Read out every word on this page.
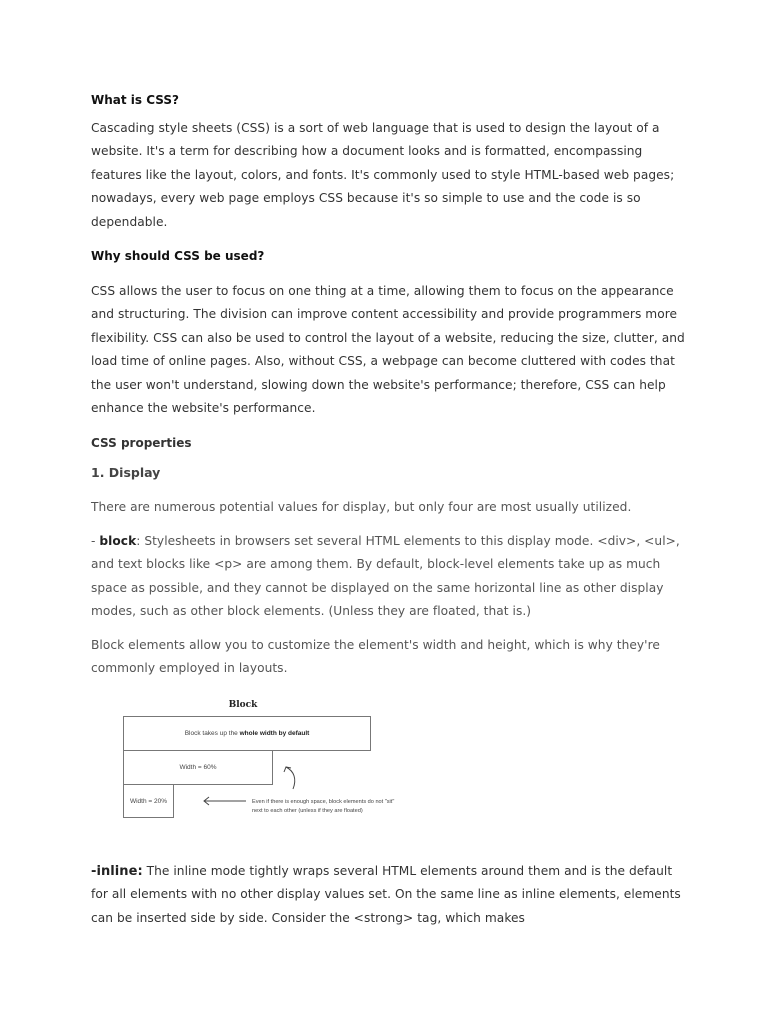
What is CSS?

Cascading style sheets (CSS) is a sort of web language that is used to design the layout of a website. It's a term for describing how a document looks and is formatted, encompassing features like the layout, colors, and fonts. It's commonly used to style HTML-based web pages; nowadays, every web page employs CSS because it's so simple to use and the code is so dependable.

Why should CSS be used?

CSS allows the user to focus on one thing at a time, allowing them to focus on the appearance and structuring. The division can improve content accessibility and provide programmers more flexibility. CSS can also be used to control the layout of a website, reducing the size, clutter, and load time of online pages. Also, without CSS, a webpage can become cluttered with codes that the user won't understand, slowing down the website's performance; therefore, CSS can help enhance the website's performance.

CSS properties
1. Display

There are numerous potential values for display, but only four are most usually utilized.

- block: Stylesheets in browsers set several HTML elements to this display mode. <div>, <ul>, and text blocks like <p> are among them. By default, block-level elements take up as much space as possible, and they cannot be displayed on the same horizontal line as other display modes, such as other block elements. (Unless they are floated, that is.)

Block elements allow you to customize the element's width and height, which is why they're commonly employed in layouts.

Block
Block takes up the whole width by default
Width = 60%
Width = 20%	Even if there is enough space, block elements do not "sit" next to each other (unless if they are floated)

-inline: The inline mode tightly wraps several HTML elements around them and is the default for all elements with no other display values set. On the same line as inline elements, elements can be inserted side by side. Consider the <strong> tag, which makes
